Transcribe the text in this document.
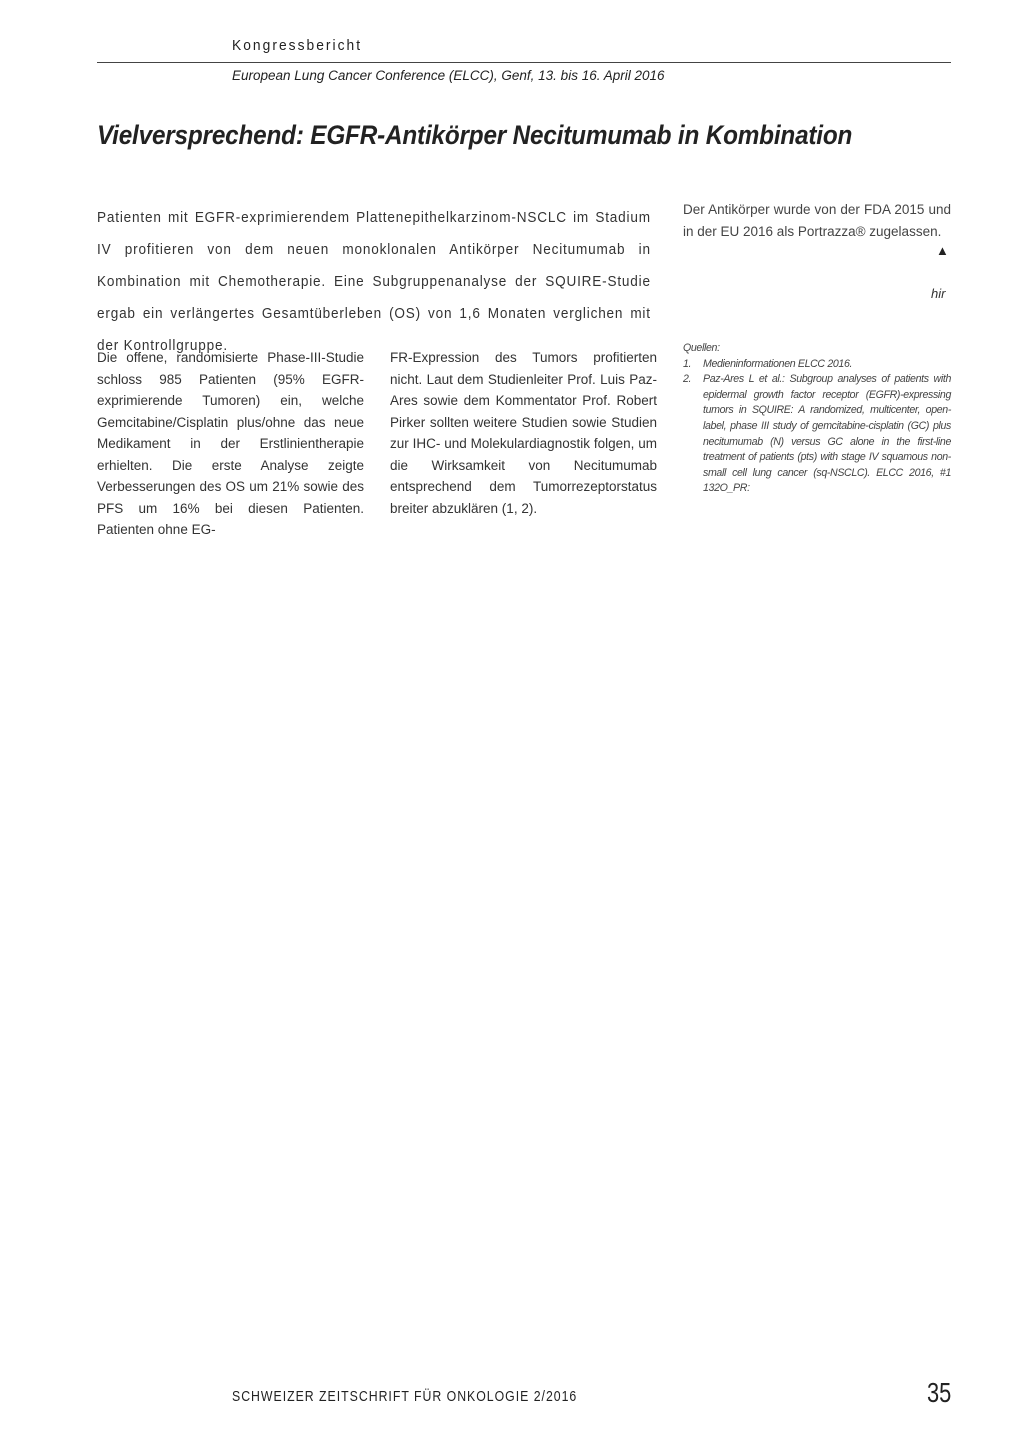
Kongressbericht
European Lung Cancer Conference (ELCC), Genf, 13. bis 16. April 2016
Vielversprechend: EGFR-Antikörper Necitumumab in Kombination
Patienten mit EGFR-exprimierendem Plattenepithelkarzinom-NSCLC im Stadium IV profitieren von dem neuen monoklonalen Antikörper Necitumumab in Kombination mit Chemotherapie. Eine Subgruppenanalyse der SQUIRE-Studie ergab ein verlängertes Gesamtüberleben (OS) von 1,6 Monaten verglichen mit der Kontrollgruppe.
Der Antikörper wurde von der FDA 2015 und in der EU 2016 als Portrazza® zugelassen.
▲
hir
Die offene, randomisierte Phase-III-Studie schloss 985 Patienten (95% EGFR-exprimierende Tumoren) ein, welche Gemcitabine/Cisplatin plus/ohne das neue Medikament in der Erstlinientherapie erhielten. Die erste Analyse zeigte Verbesserungen des OS um 21% sowie des PFS um 16% bei diesen Patienten. Patienten ohne EG-
FR-Expression des Tumors profitierten nicht. Laut dem Studienleiter Prof. Luis Paz-Ares sowie dem Kommentator Prof. Robert Pirker sollten weitere Studien sowie Studien zur IHC- und Molekulardiagnostik folgen, um die Wirksamkeit von Necitumumab entsprechend dem Tumorrezeptorstatus breiter abzuklären (1, 2).
Quellen:
1.	Medieninformationen ELCC 2016.
2.	Paz-Ares L et al.: Subgroup analyses of patients with epidermal growth factor receptor (EGFR)-expressing tumors in SQUIRE: A randomized, multicenter, open-label, phase III study of gemcitabine-cisplatin (GC) plus necitumumab (N) versus GC alone in the first-line treatment of patients (pts) with stage IV squamous non-small cell lung cancer (sq-NSCLC). ELCC 2016, #1 132O_PR:
SCHWEIZER ZEITSCHRIFT FÜR ONKOLOGIE 2/2016	35
